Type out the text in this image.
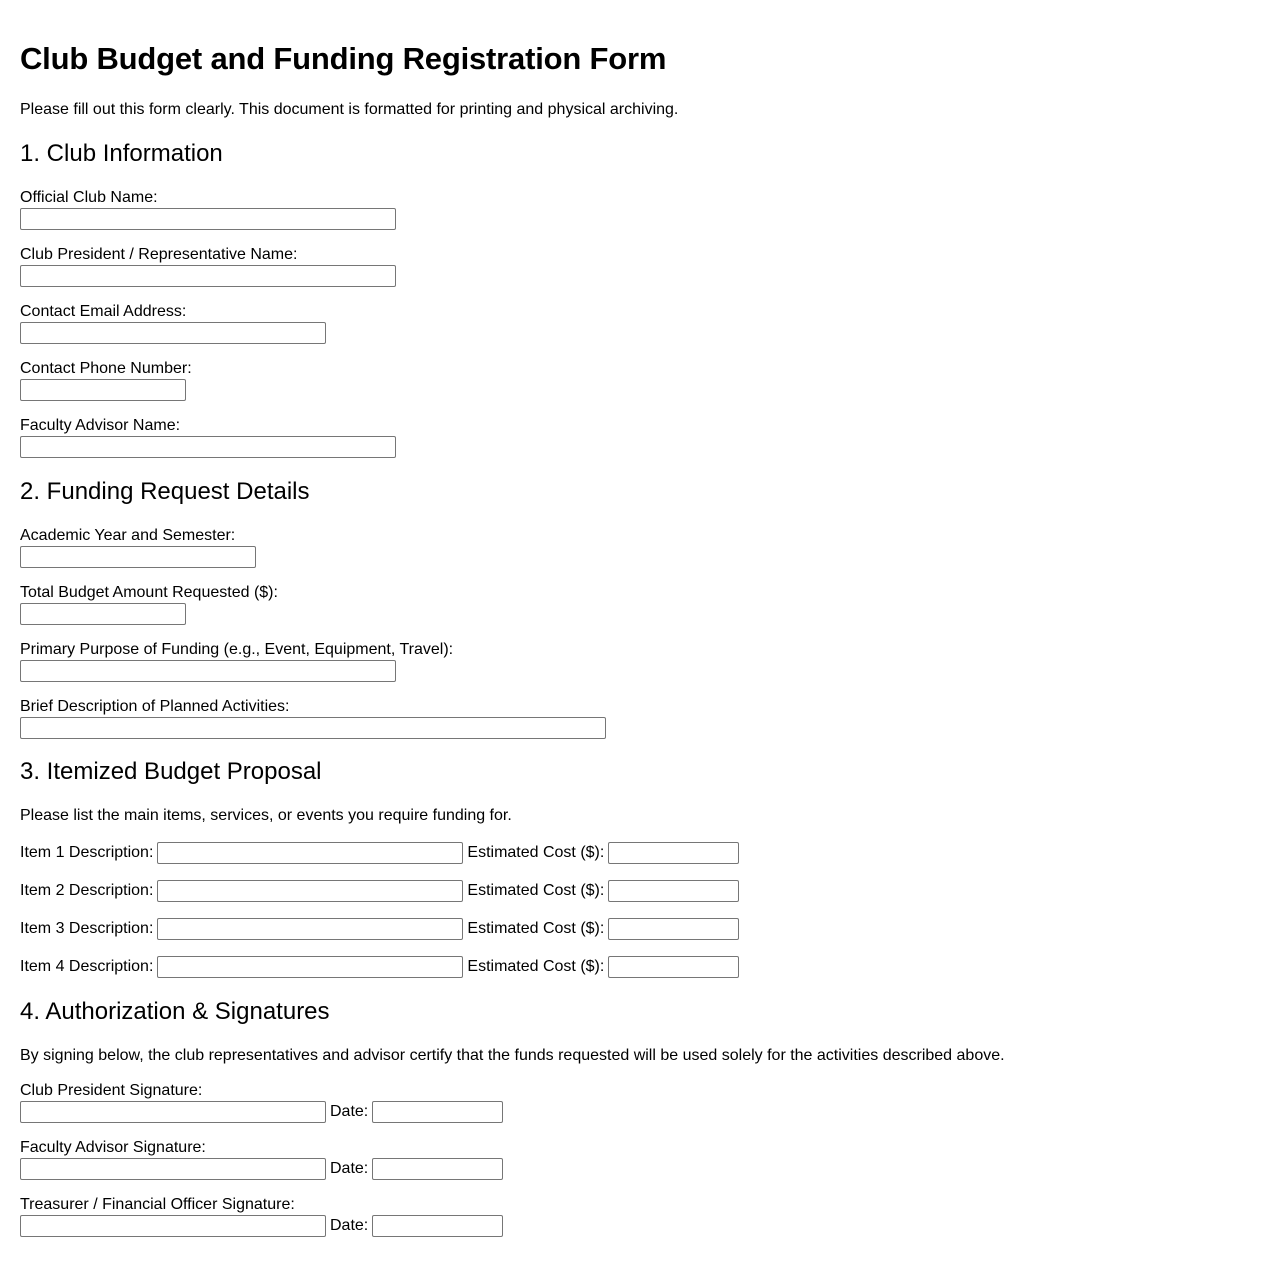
Club Budget and Funding Registration Form
Please fill out this form clearly. This document is formatted for printing and physical archiving.
1. Club Information
Official Club Name:
Club President / Representative Name:
Contact Email Address:
Contact Phone Number:
Faculty Advisor Name:
2. Funding Request Details
Academic Year and Semester:
Total Budget Amount Requested ($):
Primary Purpose of Funding (e.g., Event, Equipment, Travel):
Brief Description of Planned Activities:
3. Itemized Budget Proposal
Please list the main items, services, or events you require funding for.
Item 1 Description:	Estimated Cost ($):
Item 2 Description:	Estimated Cost ($):
Item 3 Description:	Estimated Cost ($):
Item 4 Description:	Estimated Cost ($):
4. Authorization & Signatures
By signing below, the club representatives and advisor certify that the funds requested will be used solely for the activities described above.
Club President Signature:
Date:
Faculty Advisor Signature:
Date:
Treasurer / Financial Officer Signature:
Date:
